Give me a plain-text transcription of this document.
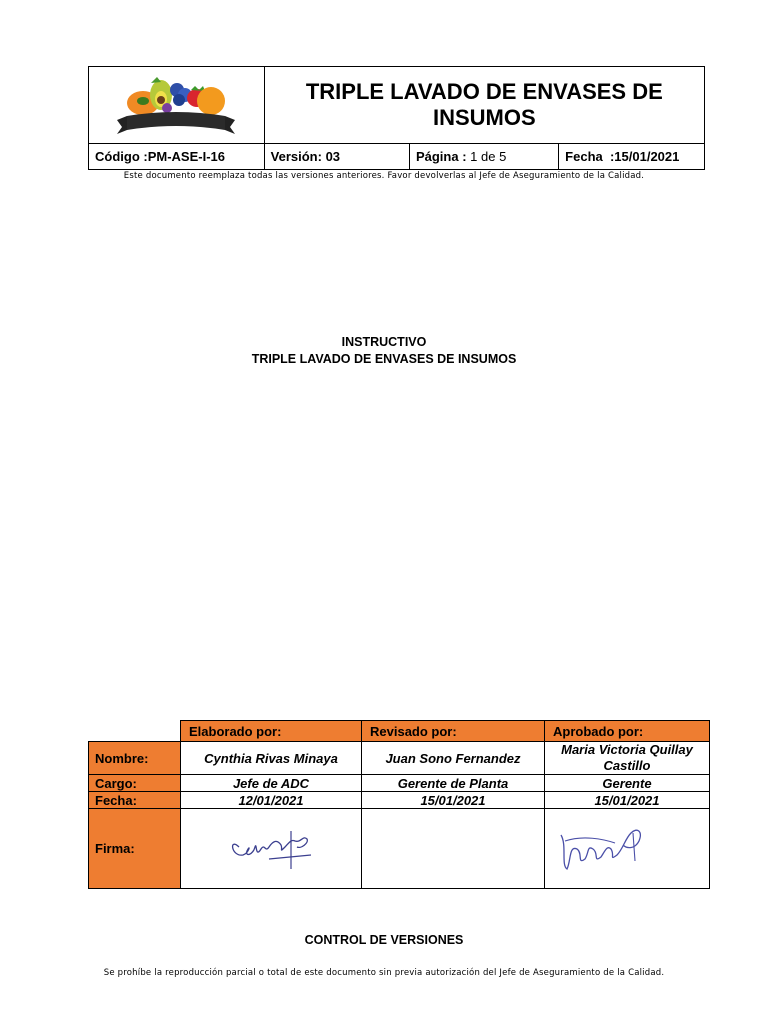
PROCESADORA PACKING MAYO	TRIPLE LAVADO DE ENVASES DE INSUMOS		
Código :PM-ASE-I-16	Versión: 03	Página : 1 de 5	Fecha  :15/01/2021
Este documento reemplaza todas las versiones anteriores. Favor devolverlas al Jefe de Aseguramiento de la Calidad.
INSTRUCTIVO
TRIPLE LAVADO DE ENVASES DE INSUMOS
	Elaborado por:	Revisado por:	Aprobado por:
Nombre:	Cynthia Rivas Minaya	Juan Sono Fernandez	Maria Victoria Quillay Castillo
Cargo:	Jefe de ADC	Gerente de Planta	Gerente
Fecha:	12/01/2021	15/01/2021	15/01/2021
Firma:			
CONTROL DE VERSIONES
Se prohíbe la reproducción parcial o total de este documento sin previa autorización del Jefe de Aseguramiento de la Calidad.
